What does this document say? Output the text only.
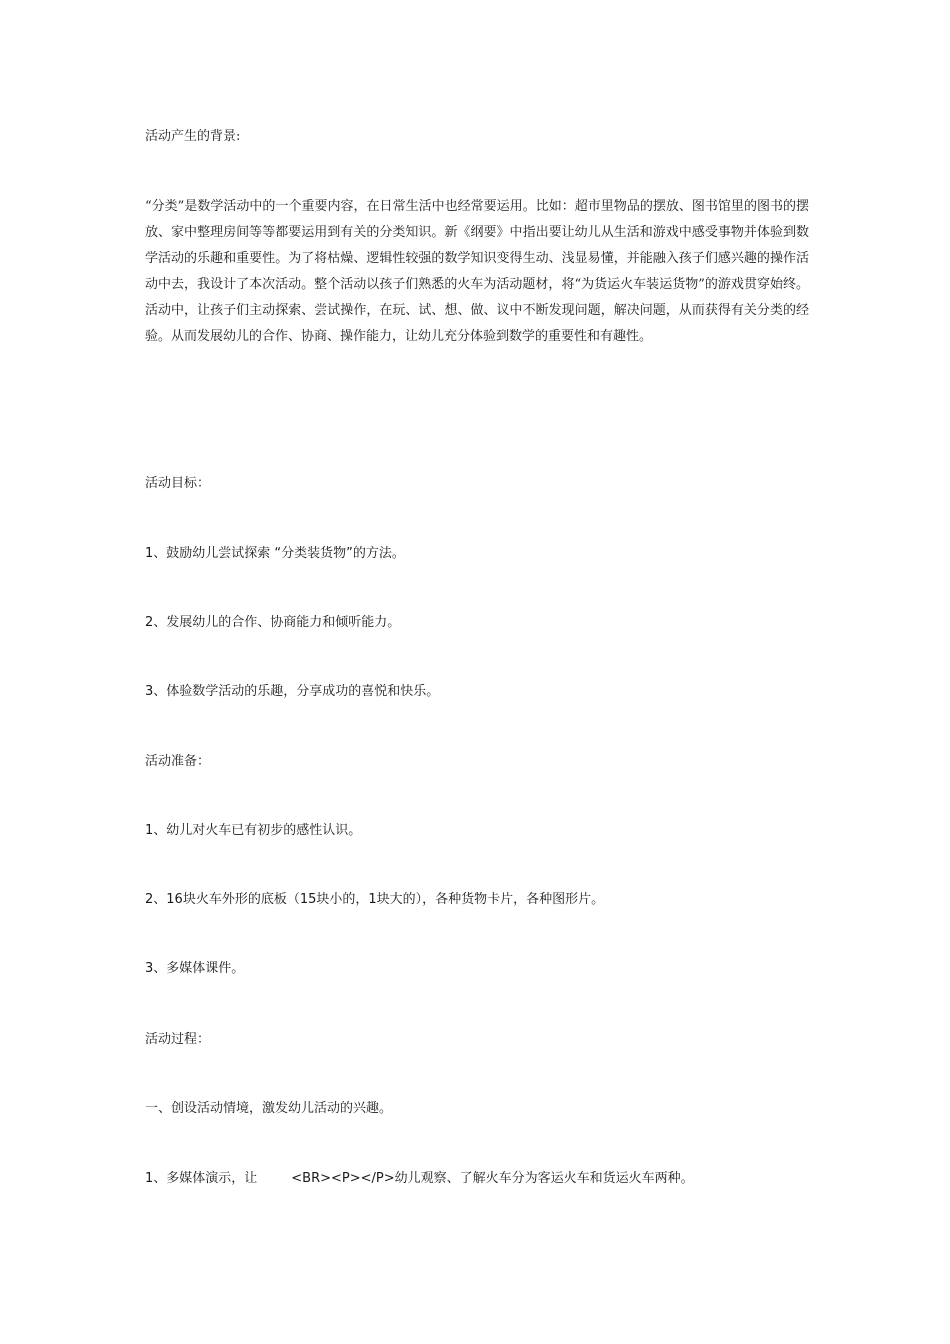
活动产生的背景:

“分类”是数学活动中的一个重要内容，在日常生活中也经常要运用。比如：超市里物品的摆放、图书馆里的图书的摆放、家中整理房间等等都要运用到有关的分类知识。新《纲要》中指出要让幼儿从生活和游戏中感受事物并体验到数学活动的乐趣和重要性。为了将枯燥、逻辑性较强的数学知识变得生动、浅显易懂，并能融入孩子们感兴趣的操作活动中去，我设计了本次活动。整个活动以孩子们熟悉的火车为活动题材，将“为货运火车装运货物”的游戏贯穿始终。活动中，让孩子们主动探索、尝试操作，在玩、试、想、做、议中不断发现问题，解决问题，从而获得有关分类的经验。从而发展幼儿的合作、协商、操作能力，让幼儿充分体验到数学的重要性和有趣性。

活动目标：

1、鼓励幼儿尝试探索 “分类装货物”的方法。

2、发展幼儿的合作、协商能力和倾听能力。

3、体验数学活动的乐趣，分享成功的喜悦和快乐。

活动准备：

1、幼儿对火车已有初步的感性认识。

2、16块火车外形的底板（15块小的，1块大的），各种货物卡片，各种图形片。

3、多媒体课件。

活动过程：

一、创设活动情境，激发幼儿活动的兴趣。

1、多媒体演示，让	<BR><P></P>幼儿观察、了解火车分为客运火车和货运火车两种。
